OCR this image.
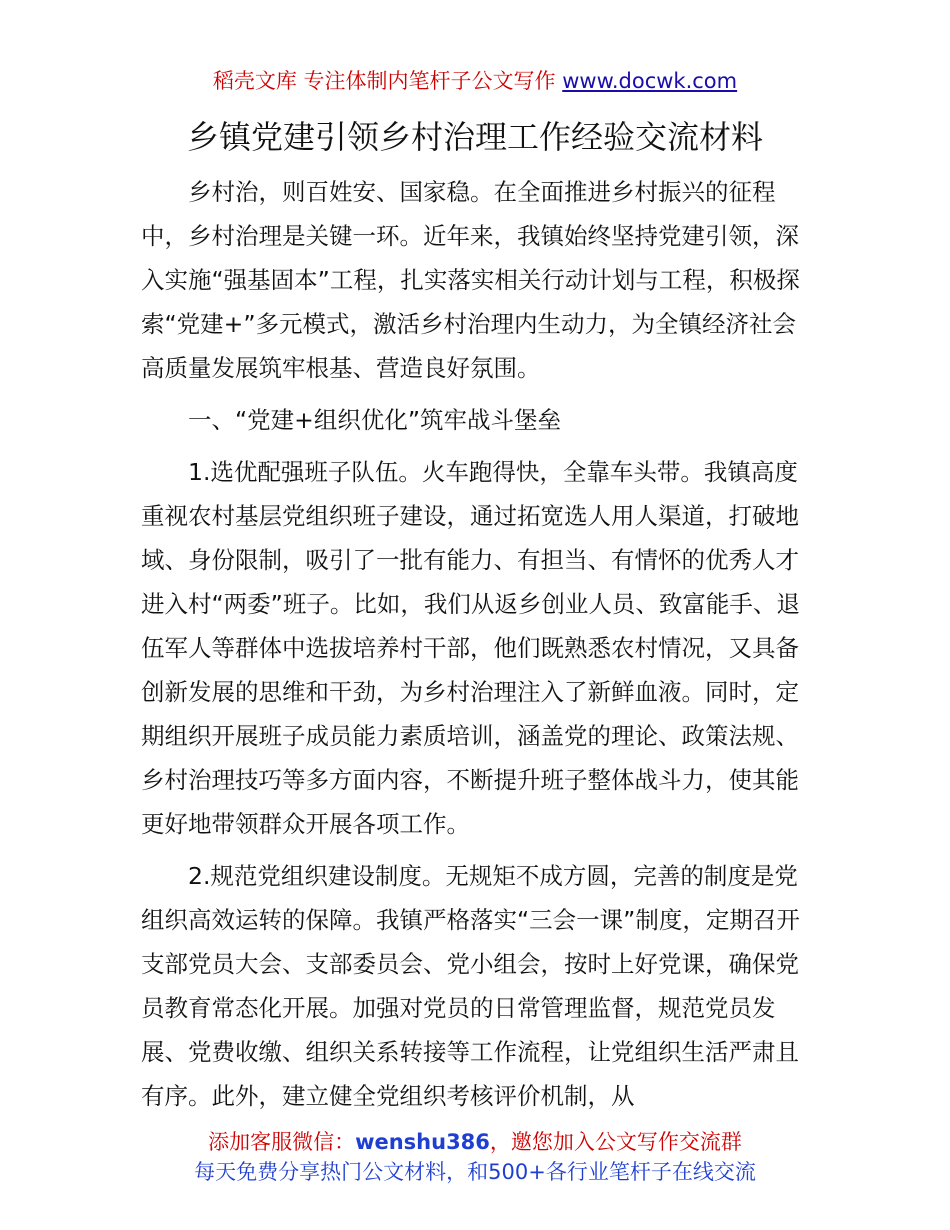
稻壳文库 专注体制内笔杆子公文写作 www.docwk.com
乡镇党建引领乡村治理工作经验交流材料

乡村治，则百姓安、国家稳。在全面推进乡村振兴的征程中，乡村治理是关键一环。近年来，我镇始终坚持党建引领，深入实施“强基固本”工程，扎实落实相关行动计划与工程，积极探索“党建+”多元模式，激活乡村治理内生动力，为全镇经济社会高质量发展筑牢根基、营造良好氛围。

一、“党建+组织优化”筑牢战斗堡垒

1.选优配强班子队伍。火车跑得快，全靠车头带。我镇高度重视农村基层党组织班子建设，通过拓宽选人用人渠道，打破地域、身份限制，吸引了一批有能力、有担当、有情怀的优秀人才进入村“两委”班子。比如，我们从返乡创业人员、致富能手、退伍军人等群体中选拔培养村干部，他们既熟悉农村情况，又具备创新发展的思维和干劲，为乡村治理注入了新鲜血液。同时，定期组织开展班子成员能力素质培训，涵盖党的理论、政策法规、乡村治理技巧等多方面内容，不断提升班子整体战斗力，使其能更好地带领群众开展各项工作。

2.规范党组织建设制度。无规矩不成方圆，完善的制度是党组织高效运转的保障。我镇严格落实“三会一课”制度，定期召开支部党员大会、支部委员会、党小组会，按时上好党课，确保党员教育常态化开展。加强对党员的日常管理监督，规范党员发展、党费收缴、组织关系转接等工作流程，让党组织生活严肃且有序。此外，建立健全党组织考核评价机制，从

添加客服微信：wenshu386，邀您加入公文写作交流群
每天免费分享热门公文材料，和500+各行业笔杆子在线交流
